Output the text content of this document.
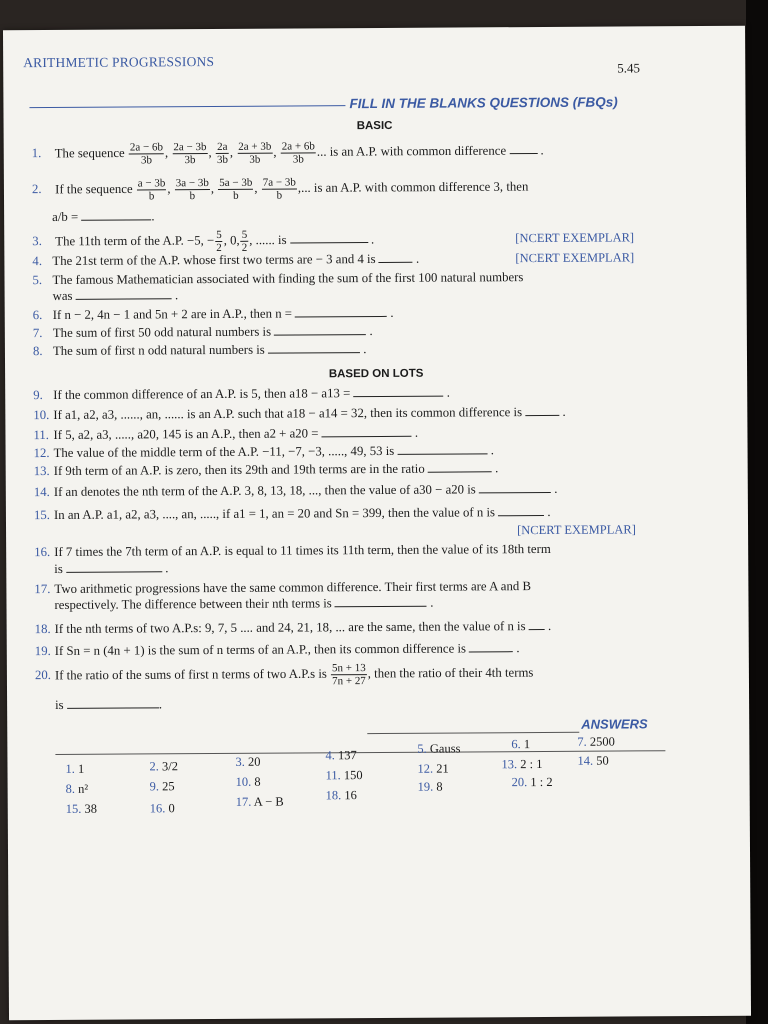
ARITHMETIC PROGRESSIONS	5.45
FILL IN THE BLANKS QUESTIONS (FBQs)
BASIC
1. The sequence $\frac{2a - 6b}{3b}$ , $\frac{2a - 3b}{3b}$ , $\frac{2a}{3b}$ , $\frac{2a + 3b}{3b}$ , $\frac{2a + 6b}{3b}$ ... is an A.P. with common difference  .
2. If the sequence $\frac{a - 3b}{b}$ , $\frac{3a - 3b}{b}$ , $\frac{5a - 3b}{b}$ , $\frac{7a - 3b}{b}$ ,... is an A.P. with common difference 3, then
a/b =	.
3. The 11th term of the A.P. −5, − $\frac{5}{2}$ , 0, $\frac{5}{2}$ , ...... is	.	[NCERT EXEMPLAR]
4. The 21st term of the A.P. whose first two terms are − 3 and 4 is	.	[NCERT EXEMPLAR]
5. The famous Mathematician associated with finding the sum of the first 100 natural numbers
was	.
6. If n − 2, 4n − 1 and 5n + 2 are in A.P., then n =	.
7. The sum of first 50 odd natural numbers is	.
8. The sum of first n odd natural numbers is	.
BASED ON LOTS
9. If the common difference of an A.P. is 5, then a18 − a13 =	.
10. If a1, a2, a3, ......, an, ...... is an A.P. such that a18 − a14 = 32, then its common difference is	.
11. If 5, a2, a3, ....., a20, 145 is an A.P., then a2 + a20 =	.
12. The value of the middle term of the A.P. −11, −7, −3, ....., 49, 53 is	.
13. If 9th term of an A.P. is zero, then its 29th and 19th terms are in the ratio	.
14. If an denotes the nth term of the A.P. 3, 8, 13, 18, ..., then the value of a30 − a20 is	.
15. In an A.P. a1, a2, a3, ...., an, ....., if a1 = 1, an = 20 and Sn = 399, then the value of n is	.
[NCERT EXEMPLAR]
16. If 7 times the 7th term of an A.P. is equal to 11 times its 11th term, then the value of its 18th term
is	.
17. Two arithmetic progressions have the same common difference. Their first terms are A and B
respectively. The difference between their nth terms is	.
18. If the nth terms of two A.P.s: 9, 7, 5 .... and 24, 21, 18, ... are the same, then the value of n is  .
19. If Sn = n (4n + 1) is the sum of n terms of an A.P., then its common difference is	.
20. If the ratio of the sums of first n terms of two A.P.s is $\frac{5n + 13}{7n + 27}$ , then the ratio of their 4th terms
is	.
ANSWERS
1. 1	2. 3/2	3. 20	4. 137	5. Gauss	6. 1	7. 2500
8. n²	9. 25	10. 8	11. 150	12. 21	13. 2 : 1	14. 50
15. 38	16. 0	17. A − B	18. 16
19. 8	20. 1 : 2
